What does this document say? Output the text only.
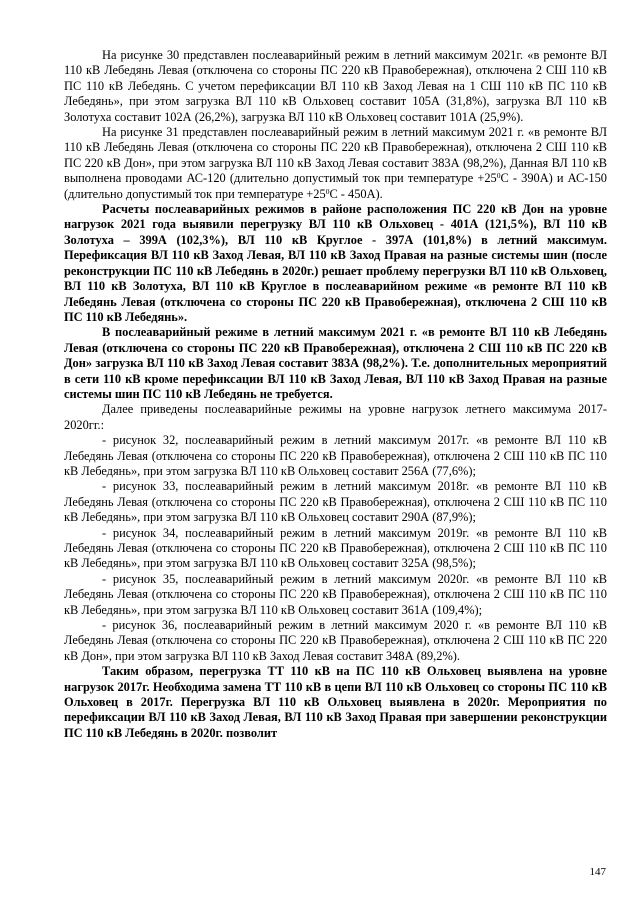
На рисунке 30 представлен послеаварийный режим в летний максимум 2021г. «в ремонте ВЛ 110 кВ Лебедянь Левая (отключена со стороны ПС 220 кВ Правобережная), отключена 2 СШ 110 кВ ПС 110 кВ Лебедянь. С учетом перефиксации ВЛ 110 кВ Заход Левая на 1 СШ 110 кВ ПС 110 кВ Лебедянь», при этом загрузка ВЛ 110 кВ Ольховец составит 105А (31,8%), загрузка ВЛ 110 кВ Золотуха составит 102А (26,2%), загрузка ВЛ 110 кВ Ольховец составит 101А (25,9%).

На рисунке 31 представлен послеаварийный режим в летний максимум 2021 г. «в ремонте ВЛ 110 кВ Лебедянь Левая (отключена со стороны ПС 220 кВ Правобережная), отключена 2 СШ 110 кВ ПС 220 кВ Дон», при этом загрузка ВЛ 110 кВ Заход Левая составит 383А (98,2%), Данная ВЛ 110 кВ выполнена проводами АС-120 (длительно допустимый ток при температуре $+25^0С - 390А$) и АС-150 (длительно допустимый ток при температуре $+25^0С - 450А$).

Расчеты послеаварийных режимов в районе расположения ПС 220 кВ Дон на уровне нагрузок 2021 года выявили перегрузку ВЛ 110 кВ Ольховец - 401А (121,5%), ВЛ 110 кВ Золотуха – 399А (102,3%), ВЛ 110 кВ Круглое - 397А (101,8%) в летний максимум. Перефиксация ВЛ 110 кВ Заход Левая, ВЛ 110 кВ Заход Правая на разные системы шин (после реконструкции ПС 110 кВ Лебедянь в 2020г.) решает проблему перегрузки ВЛ 110 кВ Ольховец, ВЛ 110 кВ Золотуха, ВЛ 110 кВ Круглое в послеаварийном режиме «в ремонте ВЛ 110 кВ Лебедянь Левая (отключена со стороны ПС 220 кВ Правобережная), отключена 2 СШ 110 кВ ПС 110 кВ Лебедянь».

В послеаварийный режиме в летний максимум 2021 г. «в ремонте ВЛ 110 кВ Лебедянь Левая (отключена со стороны ПС 220 кВ Правобережная), отключена 2 СШ 110 кВ ПС 220 кВ Дон» загрузка ВЛ 110 кВ Заход Левая составит 383А (98,2%). Т.е. дополнительных мероприятий в сети 110 кВ кроме перефиксации ВЛ 110 кВ Заход Левая, ВЛ 110 кВ Заход Правая на разные системы шин ПС 110 кВ Лебедянь не требуется.

Далее приведены послеаварийные режимы на уровне нагрузок летнего максимума 2017-2020гг.:

- рисунок 32, послеаварийный режим в летний максимум 2017г. «в ремонте ВЛ 110 кВ Лебедянь Левая (отключена со стороны ПС 220 кВ Правобережная), отключена 2 СШ 110 кВ ПС 110 кВ Лебедянь», при этом загрузка ВЛ 110 кВ Ольховец составит 256А (77,6%);

- рисунок 33, послеаварийный режим в летний максимум 2018г. «в ремонте ВЛ 110 кВ Лебедянь Левая (отключена со стороны ПС 220 кВ Правобережная), отключена 2 СШ 110 кВ ПС 110 кВ Лебедянь», при этом загрузка ВЛ 110 кВ Ольховец составит 290А (87,9%);

- рисунок 34, послеаварийный режим в летний максимум 2019г. «в ремонте ВЛ 110 кВ Лебедянь Левая (отключена со стороны ПС 220 кВ Правобережная), отключена 2 СШ 110 кВ ПС 110 кВ Лебедянь», при этом загрузка ВЛ 110 кВ Ольховец составит 325А (98,5%);

- рисунок 35, послеаварийный режим в летний максимум 2020г. «в ремонте ВЛ 110 кВ Лебедянь Левая (отключена со стороны ПС 220 кВ Правобережная), отключена 2 СШ 110 кВ ПС 110 кВ Лебедянь», при этом загрузка ВЛ 110 кВ Ольховец составит 361А (109,4%);

- рисунок 36, послеаварийный режим в летний максимум 2020 г. «в ремонте ВЛ 110 кВ Лебедянь Левая (отключена со стороны ПС 220 кВ Правобережная), отключена 2 СШ 110 кВ ПС 220 кВ Дон», при этом загрузка ВЛ 110 кВ Заход Левая составит 348А (89,2%).

Таким образом, перегрузка ТТ 110 кВ на ПС 110 кВ Ольховец выявлена на уровне нагрузок 2017г. Необходима замена ТТ 110 кВ в цепи ВЛ 110 кВ Ольховец со стороны ПС 110 кВ Ольховец в 2017г. Перегрузка ВЛ 110 кВ Ольховец выявлена в 2020г. Мероприятия по перефиксации ВЛ 110 кВ Заход Левая, ВЛ 110 кВ Заход Правая при завершении реконструкции ПС 110 кВ Лебедянь в 2020г. позволит

147
